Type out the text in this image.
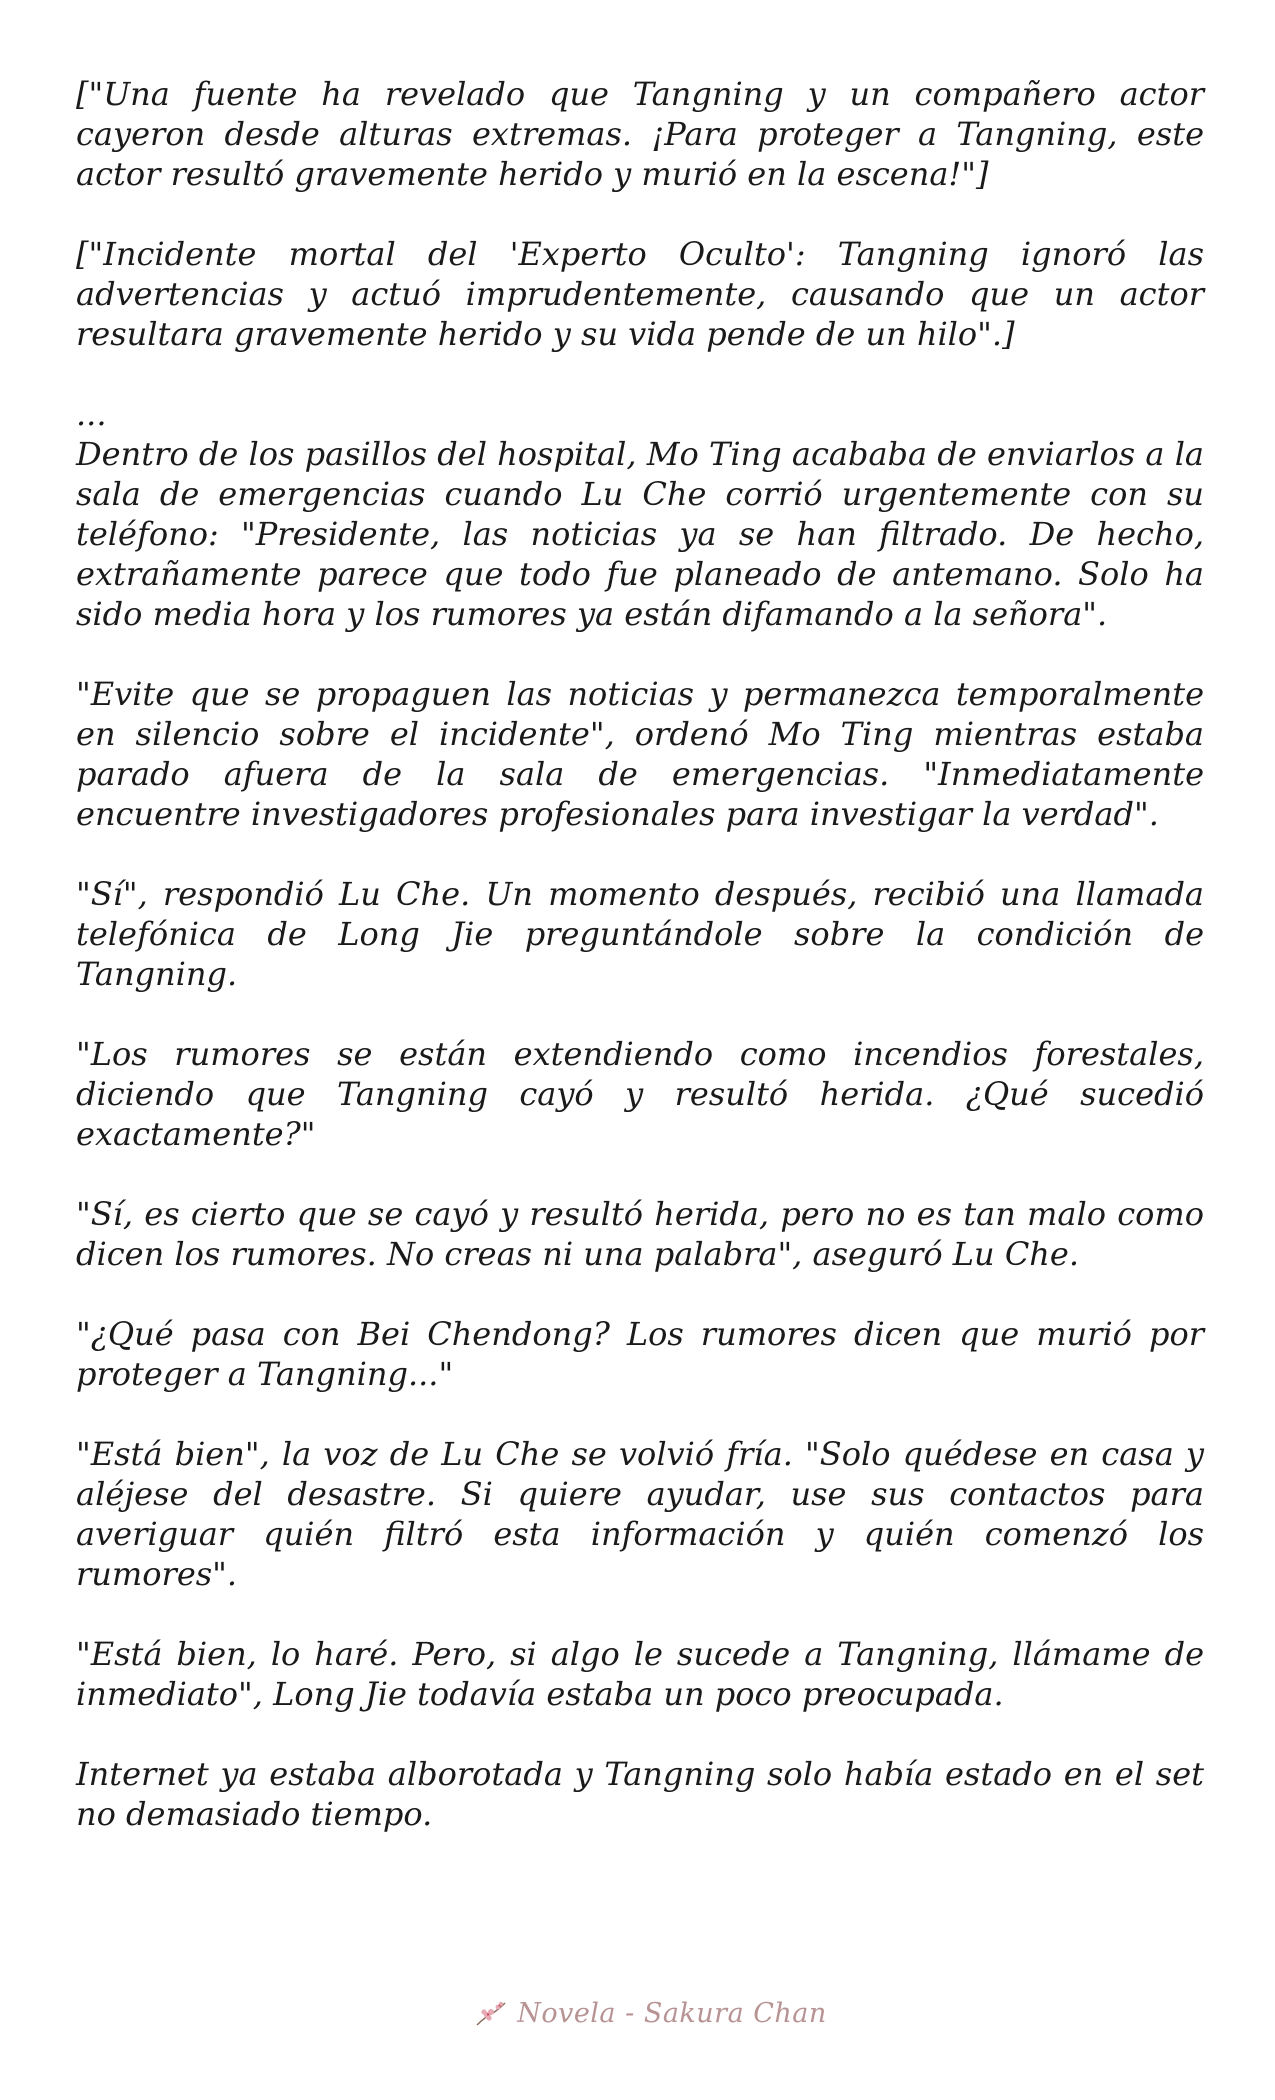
["Una fuente ha revelado que Tangning y un compañero actor cayeron desde alturas extremas. ¡Para proteger a Tangning, este actor resultó gravemente herido y murió en la escena!"]

["Incidente mortal del 'Experto Oculto': Tangning ignoró las advertencias y actuó imprudentemente, causando que un actor resultara gravemente herido y su vida pende de un hilo".]

...

Dentro de los pasillos del hospital, Mo Ting acababa de enviarlos a la sala de emergencias cuando Lu Che corrió urgentemente con su teléfono: "Presidente, las noticias ya se han filtrado. De hecho, extrañamente parece que todo fue planeado de antemano. Solo ha sido media hora y los rumores ya están difamando a la señora".

"Evite que se propaguen las noticias y permanezca temporalmente en silencio sobre el incidente", ordenó Mo Ting mientras estaba parado afuera de la sala de emergencias. "Inmediatamente encuentre investigadores profesionales para investigar la verdad".

"Sí", respondió Lu Che. Un momento después, recibió una llamada telefónica de Long Jie preguntándole sobre la condición de Tangning.

"Los rumores se están extendiendo como incendios forestales, diciendo que Tangning cayó y resultó herida. ¿Qué sucedió exactamente?"

"Sí, es cierto que se cayó y resultó herida, pero no es tan malo como dicen los rumores. No creas ni una palabra", aseguró Lu Che.

"¿Qué pasa con Bei Chendong? Los rumores dicen que murió por proteger a Tangning..."

"Está bien", la voz de Lu Che se volvió fría. "Solo quédese en casa y aléjese del desastre. Si quiere ayudar, use sus contactos para averiguar quién filtró esta información y quién comenzó los rumores".

"Está bien, lo haré. Pero, si algo le sucede a Tangning, llámame de inmediato", Long Jie todavía estaba un poco preocupada.

Internet ya estaba alborotada y Tangning solo había estado en el set no demasiado tiempo.

Novela - Sakura Chan
